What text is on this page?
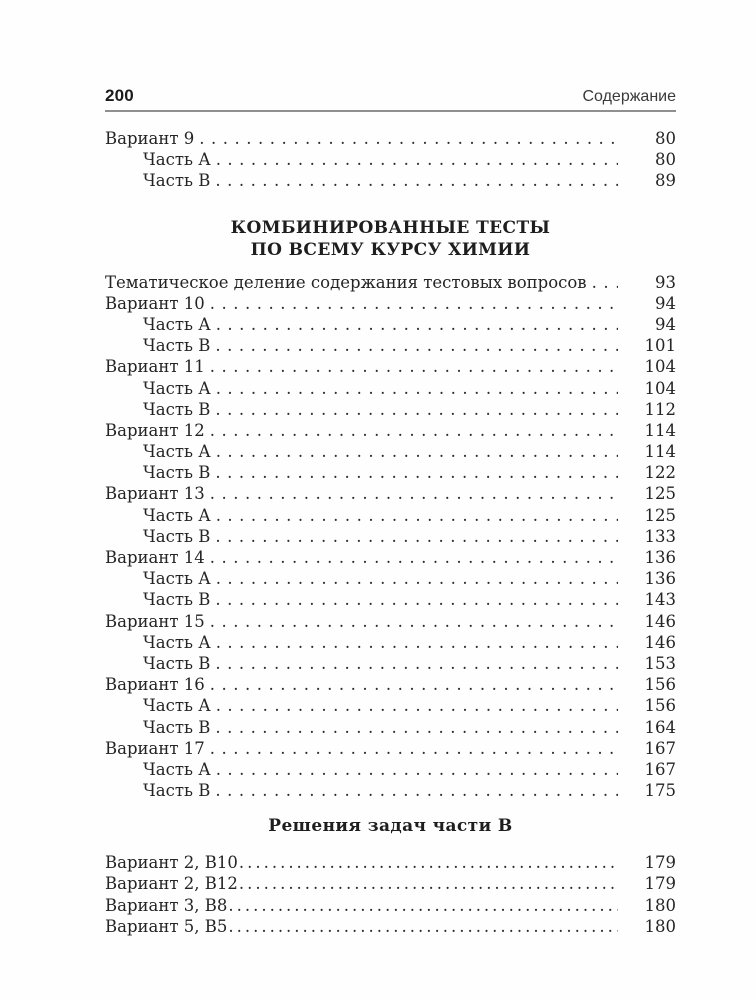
200	Содержание
Вариант 9 .....	80
Часть А .....	80
Часть В .....	89
КОМБИНИРОВАННЫЕ ТЕСТЫ
ПО ВСЕМУ КУРСУ ХИМИИ
Тематическое деление содержания тестовых вопросов .....	93
Вариант 10 .....	94
Часть А .....	94
Часть В .....	101
Вариант 11 .....	104
Часть А .....	104
Часть В .....	112
Вариант 12 .....	114
Часть А .....	114
Часть В .....	122
Вариант 13 .....	125
Часть А .....	125
Часть В .....	133
Вариант 14 .....	136
Часть А .....	136
Часть В .....	143
Вариант 15 .....	146
Часть А .....	146
Часть В .....	153
Вариант 16 .....	156
Часть А .....	156
Часть В .....	164
Вариант 17 .....	167
Часть А .....	167
Часть В .....	175
Решения задач части В
Вариант 2, В10 .....	179
Вариант 2, В12 .....	179
Вариант 3, В8 .....	180
Вариант 5, В5 .....	180
